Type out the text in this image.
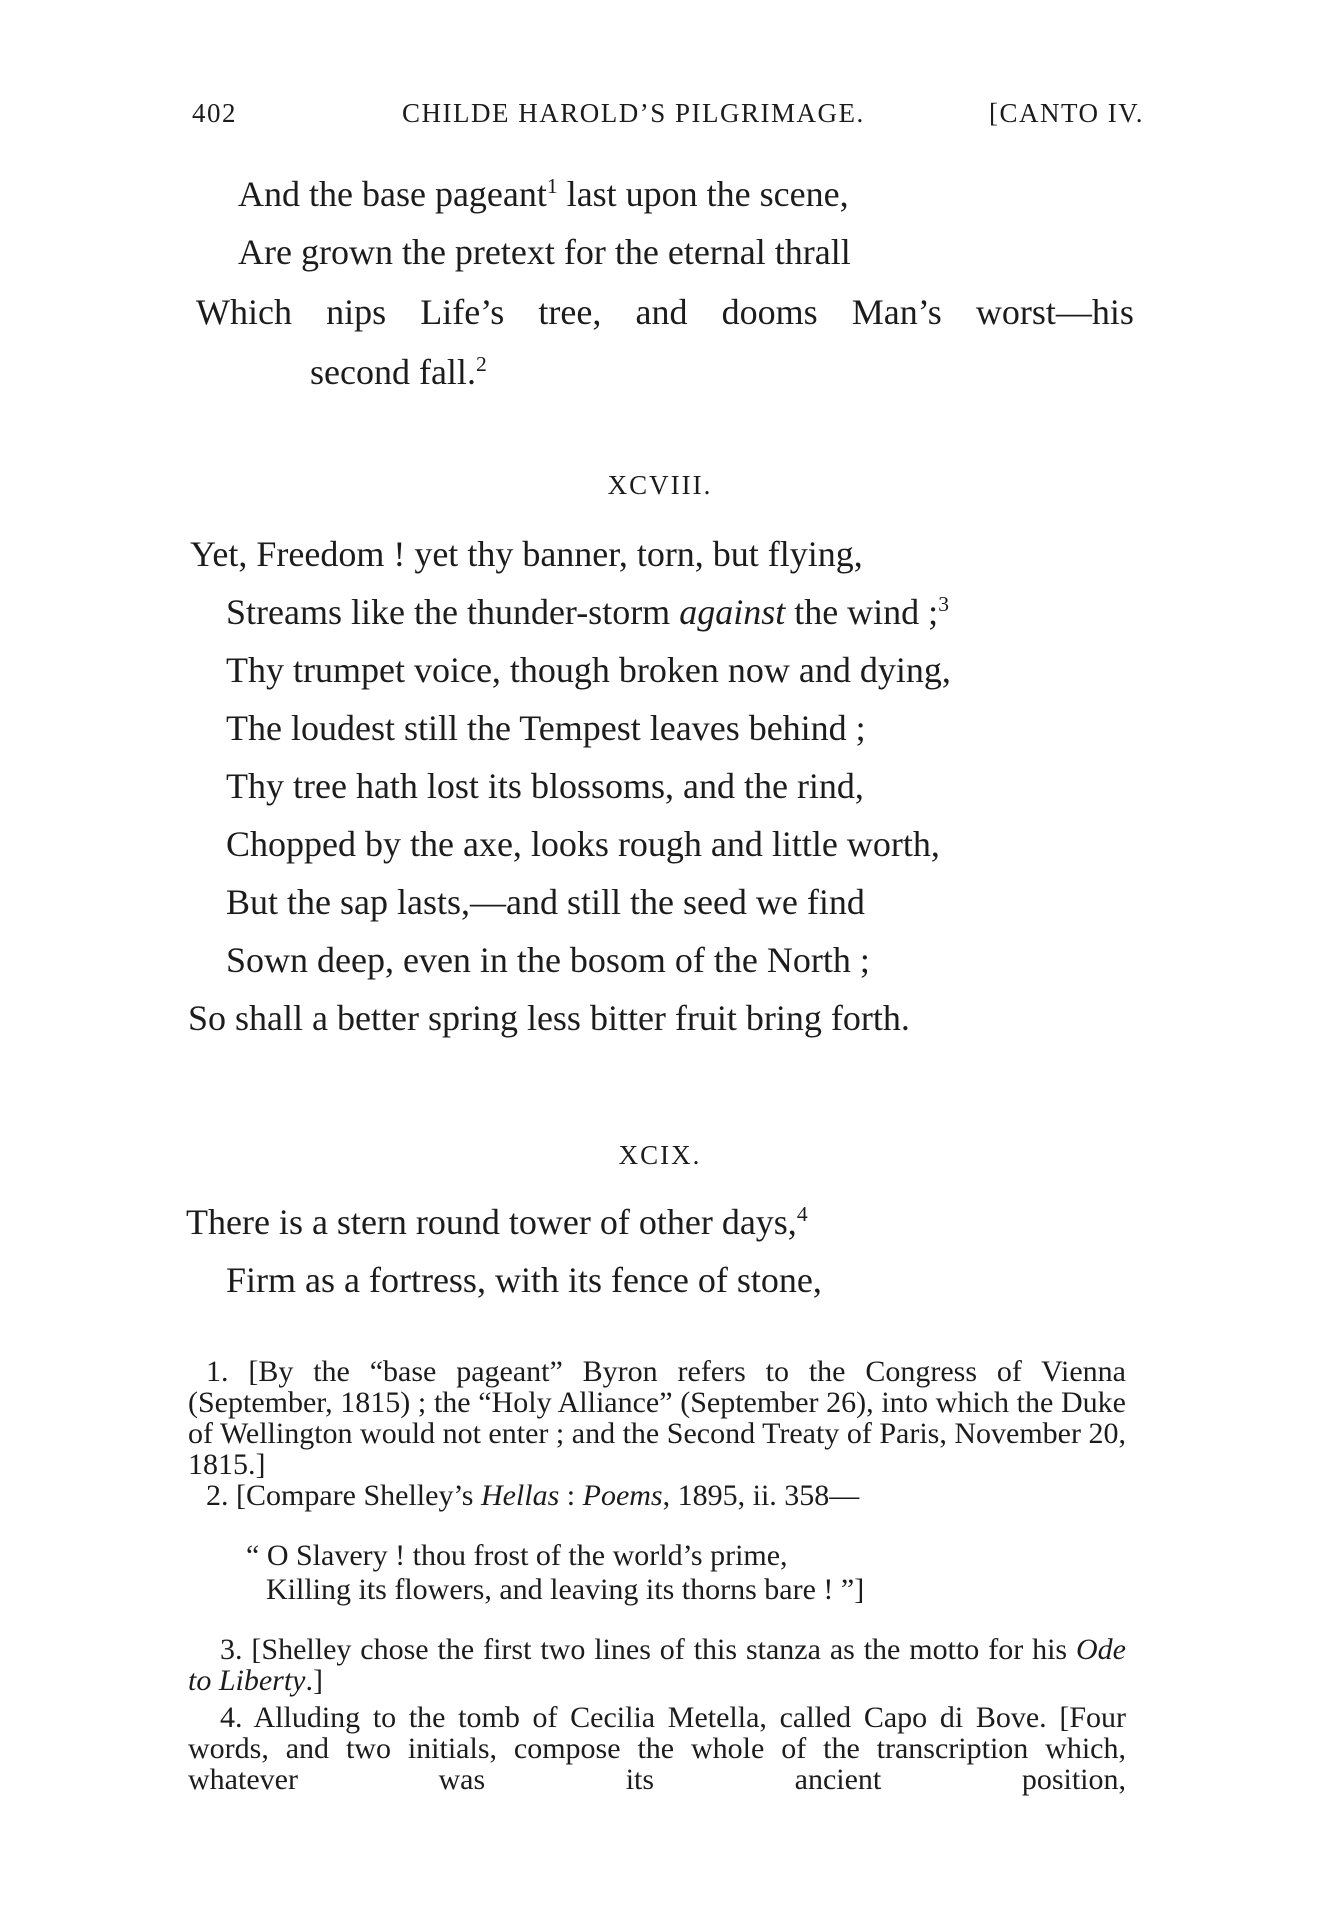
402	CHILDE HAROLD’S PILGRIMAGE.	[CANTO IV.
And the base pageant$^1$ last upon the scene,
Are grown the pretext for the eternal thrall
Which nips Life’s tree, and dooms Man’s worst—his
second fall.$^2$
XCVIII.
Yet, Freedom ! yet thy banner, torn, but flying,
Streams like the thunder-storm against the wind ;$^3$
Thy trumpet voice, though broken now and dying,
The loudest still the Tempest leaves behind ;
Thy tree hath lost its blossoms, and the rind,
Chopped by the axe, looks rough and little worth,
But the sap lasts,—and still the seed we find
Sown deep, even in the bosom of the North ;
So shall a better spring less bitter fruit bring forth.
XCIX.
There is a stern round tower of other days,$^4$
Firm as a fortress, with its fence of stone,
1. [By the “base pageant” Byron refers to the Congress of Vienna (September, 1815) ; the “Holy Alliance” (September 26), into which the Duke of Wellington would not enter ; and the Second Treaty of Paris, November 20, 1815.]
2. [Compare Shelley’s Hellas : Poems, 1895, ii. 358—
“ O Slavery ! thou frost of the world’s prime,
Killing its flowers, and leaving its thorns bare ! ”]
3. [Shelley chose the first two lines of this stanza as the motto for his Ode to Liberty.]
4. Alluding to the tomb of Cecilia Metella, called Capo di Bove. [Four words, and two initials, compose the whole of the transcription which, whatever was its ancient position,
